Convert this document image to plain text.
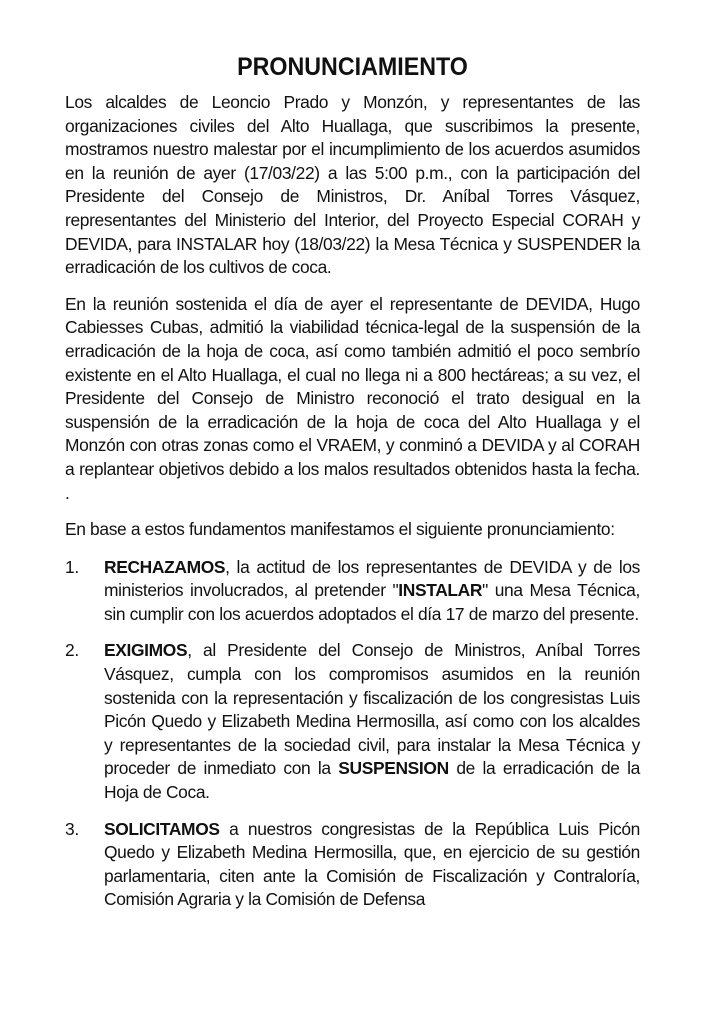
PRONUNCIAMIENTO

Los alcaldes de Leoncio Prado y Monzón, y representantes de las organizaciones civiles del Alto Huallaga, que suscribimos la presente, mostramos nuestro malestar por el incumplimiento de los acuerdos asumidos en la reunión de ayer (17/03/22) a las 5:00 p.m., con la participación del Presidente del Consejo de Ministros, Dr. Aníbal Torres Vásquez, representantes del Ministerio del Interior, del Proyecto Especial CORAH y DEVIDA, para INSTALAR hoy (18/03/22) la Mesa Técnica y SUSPENDER la erradicación de los cultivos de coca.

En la reunión sostenida el día de ayer el representante de DEVIDA, Hugo Cabiesses Cubas, admitió la viabilidad técnica-legal de la suspensión de la erradicación de la hoja de coca, así como también admitió el poco sembrío existente en el Alto Huallaga, el cual no llega ni a 800 hectáreas; a su vez, el Presidente del Consejo de Ministro reconoció el trato desigual en la suspensión de la erradicación de la hoja de coca del Alto Huallaga y el Monzón con otras zonas como el VRAEM, y conminó a DEVIDA y al CORAH a replantear objetivos debido a los malos resultados obtenidos hasta la fecha. .

En base a estos fundamentos manifestamos el siguiente pronunciamiento:

1. RECHAZAMOS, la actitud de los representantes de DEVIDA y de los ministerios involucrados, al pretender "INSTALAR" una Mesa Técnica, sin cumplir con los acuerdos adoptados el día 17 de marzo del presente.
2. EXIGIMOS, al Presidente del Consejo de Ministros, Aníbal Torres Vásquez, cumpla con los compromisos asumidos en la reunión sostenida con la representación y fiscalización de los congresistas Luis Picón Quedo y Elizabeth Medina Hermosilla, así como con los alcaldes y representantes de la sociedad civil, para instalar la Mesa Técnica y proceder de inmediato con la SUSPENSION de la erradicación de la Hoja de Coca.
3. SOLICITAMOS a nuestros congresistas de la República Luis Picón Quedo y Elizabeth Medina Hermosilla, que, en ejercicio de su gestión parlamentaria, citen ante la Comisión de Fiscalización y Contraloría, Comisión Agraria y la Comisión de Defensa
